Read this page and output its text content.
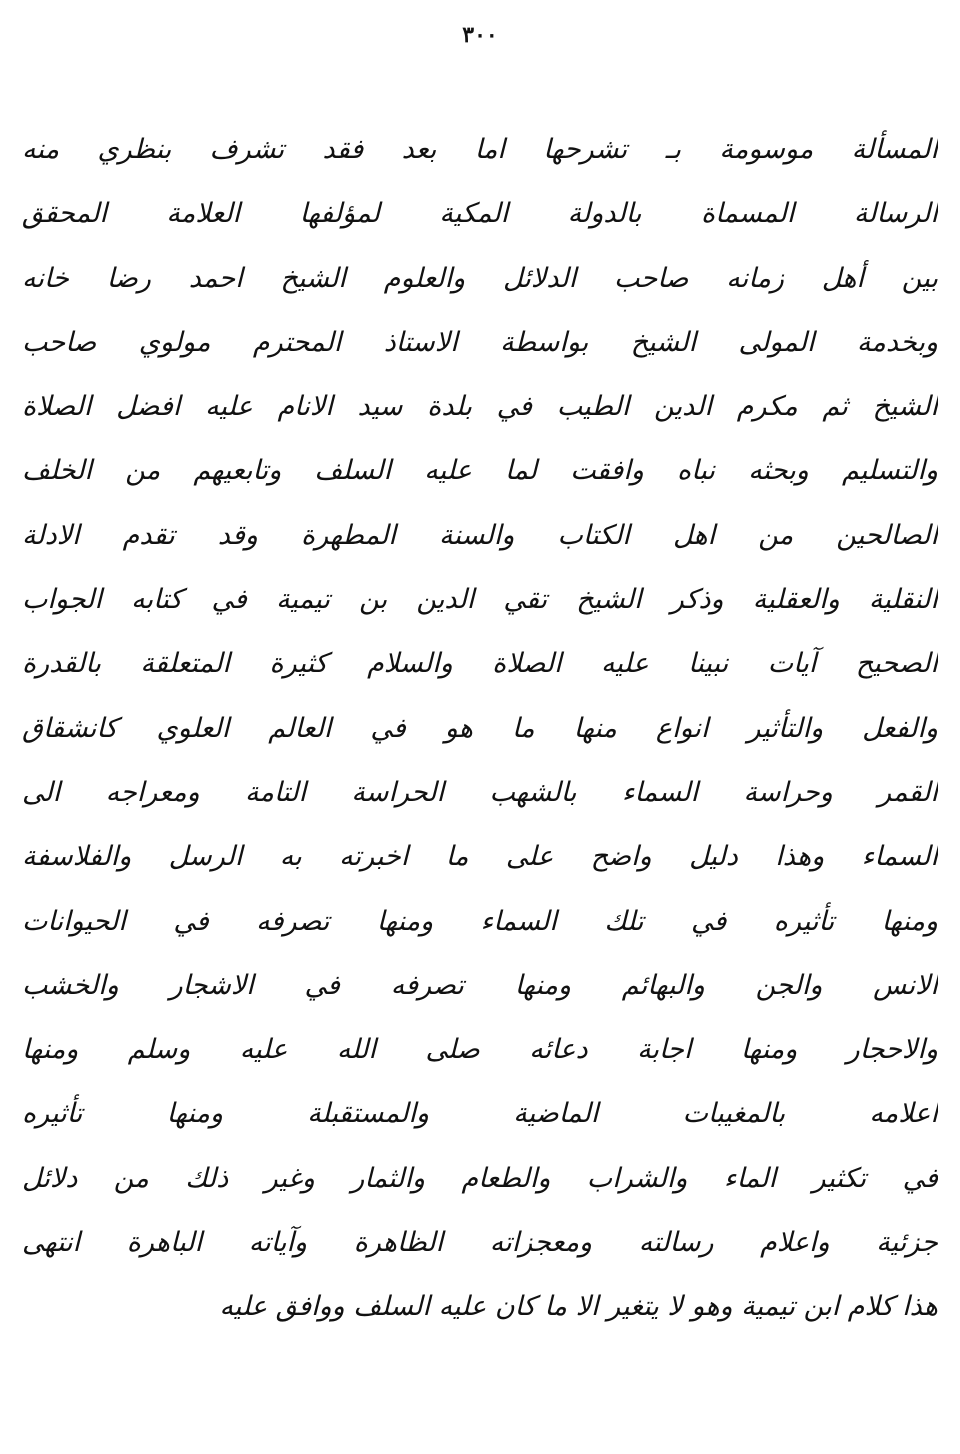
٣٠٠
المسألة موسومة بـ تشرحها اما بعد فقد تشرف بنظري منه
الرسالة المسماة بالدولة المكية لمؤلفها العلامة المحقق
بين أهل زمانه صاحب الدلائل والعلوم الشيخ احمد رضا خانه
وبخدمة المولى الشيخ بواسطة الاستاذ المحترم مولوي صاحب
الشيخ ثم مكرم الدين الطيب في بلدة سيد الانام عليه افضل الصلاة
والتسليم وبحثه نباه وافقت لما عليه السلف وتابعيهم من الخلف
الصالحين من اهل الكتاب والسنة المطهرة وقد تقدم الادلة
النقلية والعقلية وذكر الشيخ تقي الدين بن تيمية في كتابه الجواب
الصحيح آيات نبينا عليه الصلاة والسلام كثيرة المتعلقة بالقدرة
والفعل والتأثير انواع منها ما هو في العالم العلوي كانشقاق
القمر وحراسة السماء بالشهب الحراسة التامة ومعراجه الى
السماء وهذا دليل واضح على ما اخبرته به الرسل والفلاسفة
ومنها تأثيره في تلك السماء ومنها تصرفه في الحيوانات
الانس والجن والبهائم ومنها تصرفه في الاشجار والخشب
والاحجار ومنها اجابة دعائه صلى الله عليه وسلم ومنها
اعلامه بالمغيبات الماضية والمستقبلة ومنها تأثيره
في تكثير الماء والشراب والطعام والثمار وغير ذلك من دلائل
جزئية واعلام رسالته ومعجزاته الظاهرة وآياته الباهرة انتهى
هذا كلام ابن تيمية وهو لا يتغير الا ما كان عليه السلف ووافق عليه
